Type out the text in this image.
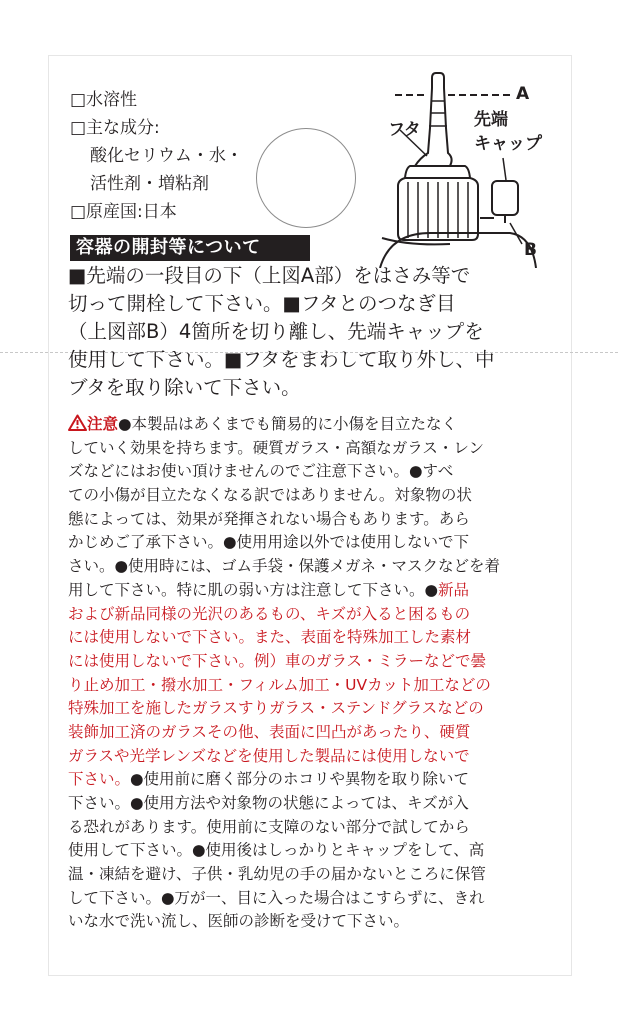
□水溶性
□主な成分:
酸化セリウム・水・
活性剤・増粘剤
□原産国:日本
A
フタ	先端
キャップ
B
容器の開封等について
■先端の一段目の下（上図A部）をはさみ等で
切って開栓して下さい。■フタとのつなぎ目
（上図部B）4箇所を切り離し、先端キャップを
使用して下さい。■フタをまわして取り外し、中
ブタを取り除いて下さい。
注意●本製品はあくまでも簡易的に小傷を目立たなく
していく効果を持ちます。硬質ガラス・高額なガラス・レン
ズなどにはお使い頂けませんのでご注意下さい。●すべ
ての小傷が目立たなくなる訳ではありません。対象物の状
態によっては、効果が発揮されない場合もあります。あら
かじめご了承下さい。●使用用途以外では使用しないで下
さい。●使用時には、ゴム手袋・保護メガネ・マスクなどを着
用して下さい。特に肌の弱い方は注意して下さい。●新品
および新品同様の光沢のあるもの、キズが入ると困るもの
には使用しないで下さい。また、表面を特殊加工した素材
には使用しないで下さい。例）車のガラス・ミラーなどで曇
り止め加工・撥水加工・フィルム加工・UVカット加工などの
特殊加工を施したガラスすりガラス・ステンドグラスなどの
装飾加工済のガラスその他、表面に凹凸があったり、硬質
ガラスや光学レンズなどを使用した製品には使用しないで
下さい。●使用前に磨く部分のホコリや異物を取り除いて
下さい。●使用方法や対象物の状態によっては、キズが入
る恐れがあります。使用前に支障のない部分で試してから
使用して下さい。●使用後はしっかりとキャップをして、高
温・凍結を避け、子供・乳幼児の手の届かないところに保管
して下さい。●万が一、目に入った場合はこすらずに、きれ
いな水で洗い流し、医師の診断を受けて下さい。
